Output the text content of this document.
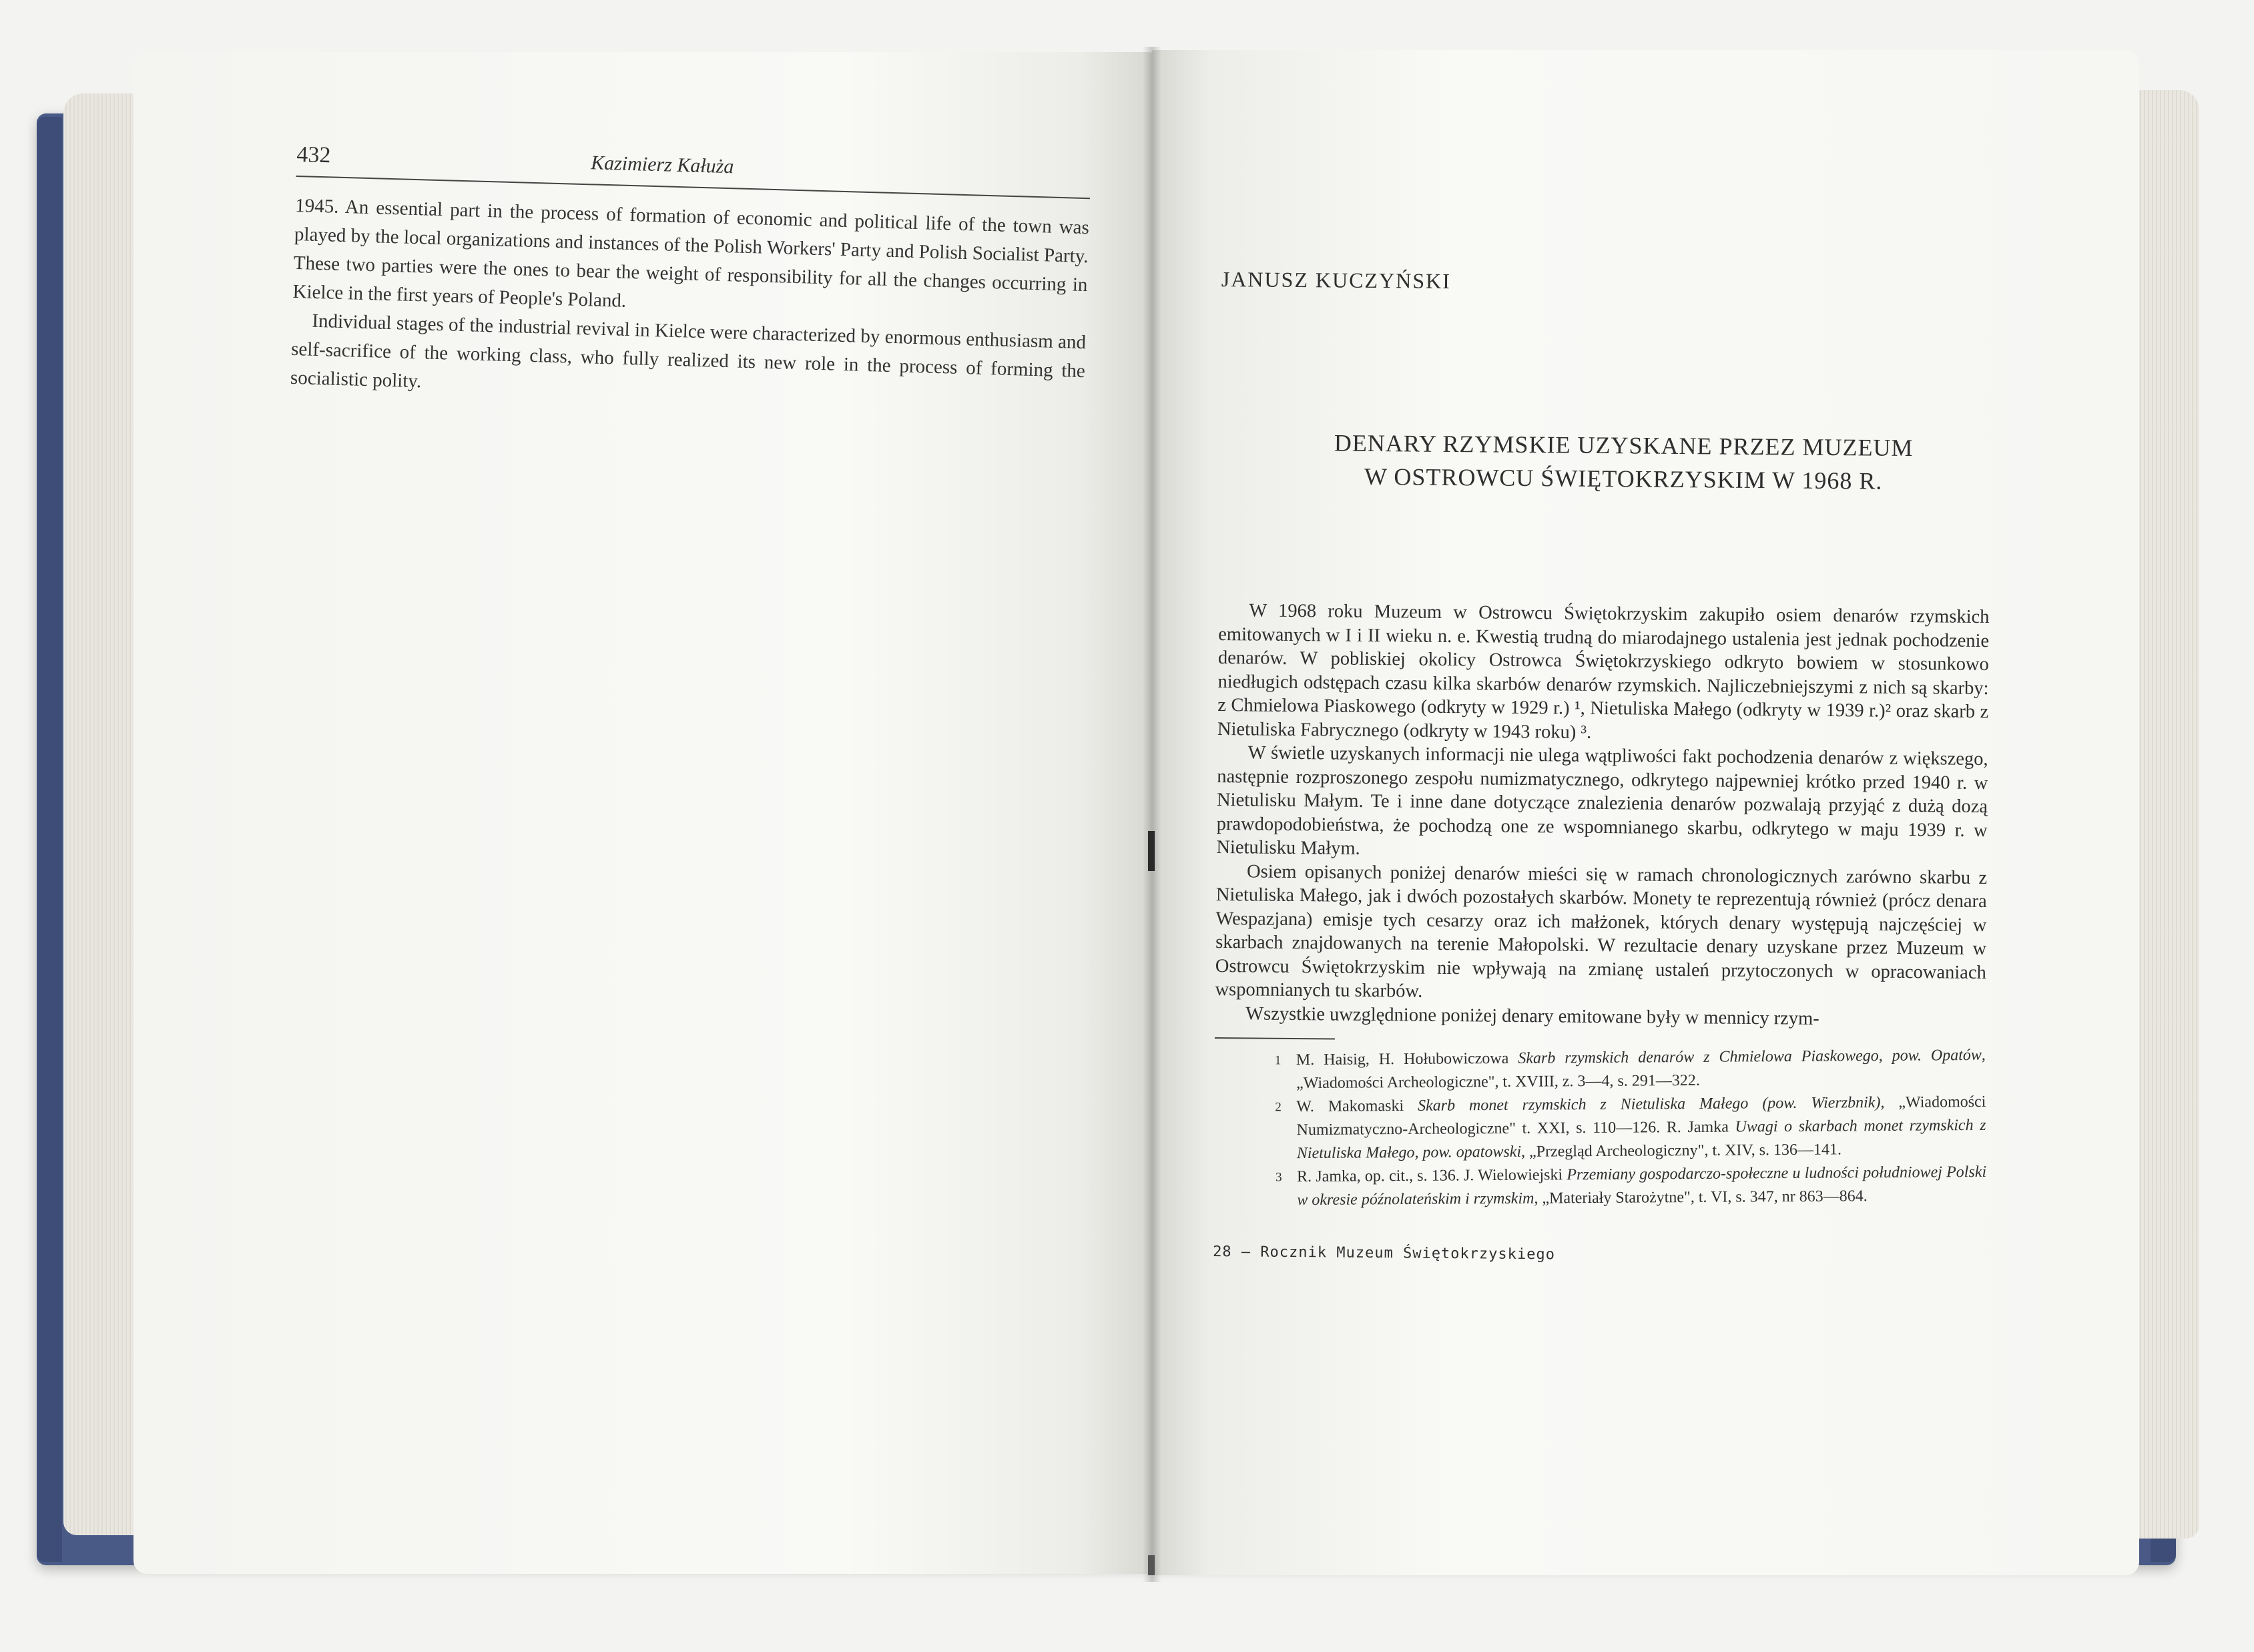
432	Kazimierz Kałuża

1945. An essential part in the process of formation of economic and political life of the town was played by the local organizations and instances of the Polish Workers' Party and Polish Socialist Party. These two parties were the ones to bear the weight of responsibility for all the changes occurring in Kielce in the first years of People's Poland.

Individual stages of the industrial revival in Kielce were characterized by enormous enthusiasm and self-sacrifice of the working class, who fully realized its new role in the process of forming the socialistic polity.

JANUSZ KUCZYŃSKI
DENARY RZYMSKIE UZYSKANE PRZEZ MUZEUM
W OSTROWCU ŚWIĘTOKRZYSKIM W 1968 R.

W 1968 roku Muzeum w Ostrowcu Świętokrzyskim zakupiło osiem denarów rzymskich emitowanych w I i II wieku n. e. Kwestią trudną do miarodajnego ustalenia jest jednak pochodzenie denarów. W pobliskiej okolicy Ostrowca Świętokrzyskiego odkryto bowiem w stosunkowo niedługich odstępach czasu kilka skarbów denarów rzymskich. Najliczebniejszymi z nich są skarby: z Chmielowa Piaskowego (odkryty w 1929 r.) ¹, Nietuliska Małego (odkryty w 1939 r.)² oraz skarb z Nietuliska Fabrycznego (odkryty w 1943 roku) ³.

W świetle uzyskanych informacji nie ulega wątpliwości fakt pochodzenia denarów z większego, następnie rozproszonego zespołu numizmatycznego, odkrytego najpewniej krótko przed 1940 r. w Nietulisku Małym. Te i inne dane dotyczące znalezienia denarów pozwalają przyjąć z dużą dozą prawdopodobieństwa, że pochodzą one ze wspomnianego skarbu, odkrytego w maju 1939 r. w Nietulisku Małym.

Osiem opisanych poniżej denarów mieści się w ramach chronologicznych zarówno skarbu z Nietuliska Małego, jak i dwóch pozostałych skarbów. Monety te reprezentują również (prócz denara Wespazjana) emisje tych cesarzy oraz ich małżonek, których denary występują najczęściej w skarbach znajdowanych na terenie Małopolski. W rezultacie denary uzyskane przez Muzeum w Ostrowcu Świętokrzyskim nie wpływają na zmianę ustaleń przytoczonych w opracowaniach wspomnianych tu skarbów.

Wszystkie uwzględnione poniżej denary emitowane były w mennicy rzym-

1 M. Haisig, H. Hołubowiczowa Skarb rzymskich denarów z Chmielowa Piaskowego, pow. Opatów, „Wiadomości Archeologiczne", t. XVIII, z. 3—4, s. 291—322.
2 W. Makomaski Skarb monet rzymskich z Nietuliska Małego (pow. Wierzbnik), „Wiadomości Numizmatyczno-Archeologiczne" t. XXI, s. 110—126. R. Jamka Uwagi o skarbach monet rzymskich z Nietuliska Małego, pow. opatowski, „Przegląd Archeologiczny", t. XIV, s. 136—141.
3 R. Jamka, op. cit., s. 136. J. Wielowiejski Przemiany gospodarczo-społeczne u ludności południowej Polski w okresie późnolateńskim i rzymskim, „Materiały Starożytne", t. VI, s. 347, nr 863—864.
28 — Rocznik Muzeum Świętokrzyskiego
